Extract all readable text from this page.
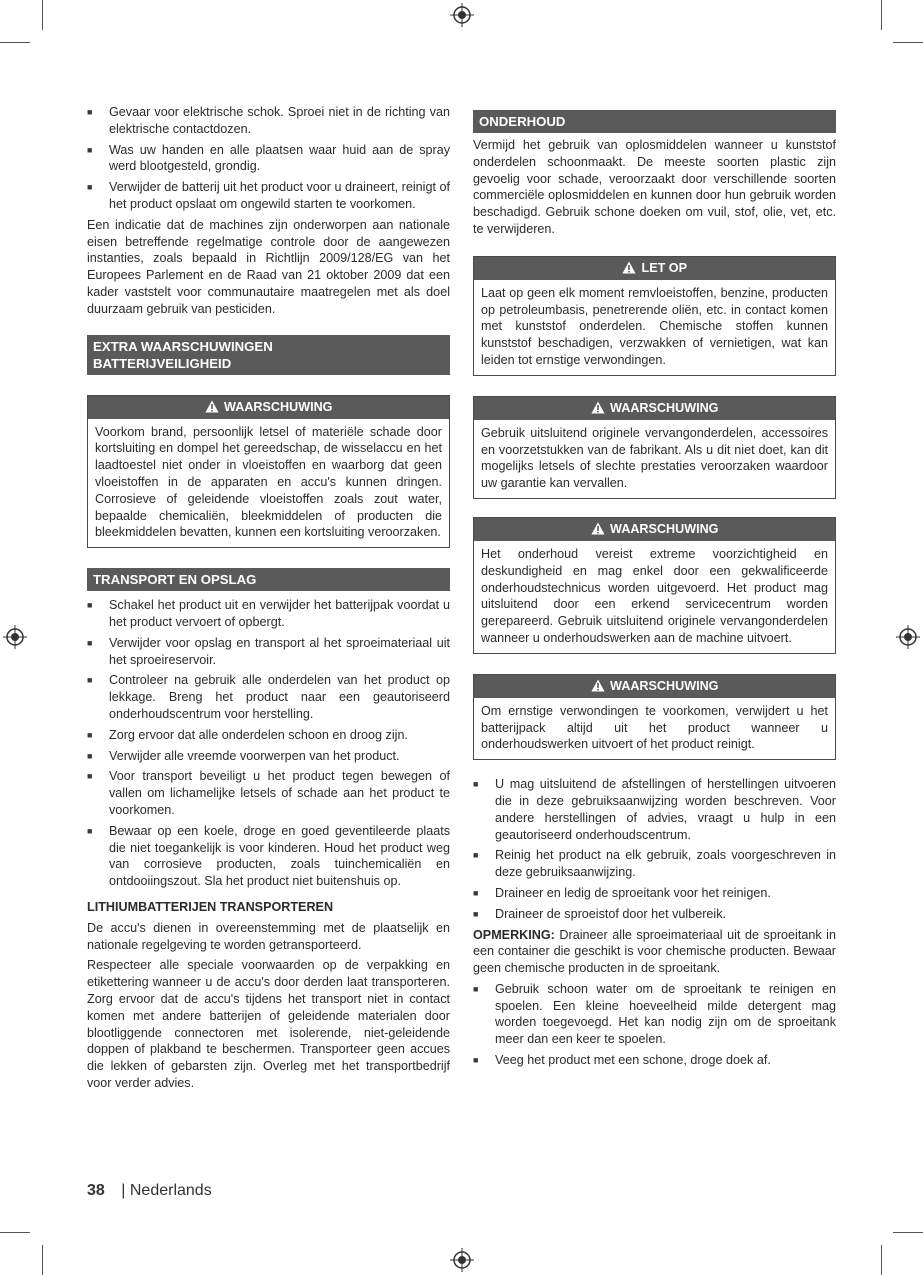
■	Gevaar voor elektrische schok. Sproei niet in de richting van elektrische contactdozen.
■	Was uw handen en alle plaatsen waar huid aan de spray werd blootgesteld, grondig.
■	Verwijder de batterij uit het product voor u draineert, reinigt of het product opslaat om ongewild starten te voorkomen.

Een indicatie dat de machines zijn onderworpen aan nationale eisen betreffende regelmatige controle door de aangewezen instanties, zoals bepaald in Richtlijn 2009/128/EG van het Europees Parlement en de Raad van 21 oktober 2009 dat een kader vaststelt voor communautaire maatregelen met als doel duurzaam gebruik van pesticiden.

EXTRA WAARSCHUWINGEN
BATTERIJVEILIGHEID
WAARSCHUWING
Voorkom brand, persoonlijk letsel of materiële schade door kortsluiting en dompel het gereedschap, de wisselaccu en het laadtoestel niet onder in vloeistoffen en waarborg dat geen vloeistoffen in de apparaten en accu's kunnen dringen. Corrosieve of geleidende vloeistoffen zoals zout water, bepaalde chemicaliën, bleekmiddelen of producten die bleekmiddelen bevatten, kunnen een kortsluiting veroorzaken.
TRANSPORT EN OPSLAG
■	Schakel het product uit en verwijder het batterijpak voordat u het product vervoert of opbergt.
■	Verwijder voor opslag en transport al het sproeimateriaal uit het sproeireservoir.
■	Controleer na gebruik alle onderdelen van het product op lekkage. Breng het product naar een geautoriseerd onderhoudscentrum voor herstelling.
■	Zorg ervoor dat alle onderdelen schoon en droog zijn.
■	Verwijder alle vreemde voorwerpen van het product.
■	Voor transport beveiligt u het product tegen bewegen of vallen om lichamelijke letsels of schade aan het product te voorkomen.
■	Bewaar op een koele, droge en goed geventileerde plaats die niet toegankelijk is voor kinderen. Houd het product weg van corrosieve producten, zoals tuinchemicaliën en ontdooiingszout. Sla het product niet buitenshuis op.
LITHIUMBATTERIJEN TRANSPORTEREN

De accu's dienen in overeenstemming met de plaatselijk en nationale regelgeving te worden getransporteerd.

Respecteer alle speciale voorwaarden op de verpakking en etikettering wanneer u de accu's door derden laat transporteren. Zorg ervoor dat de accu's tijdens het transport niet in contact komen met andere batterijen of geleidende materialen door blootliggende connectoren met isolerende, niet-geleidende doppen of plakband te beschermen. Transporteer geen accues die lekken of gebarsten zijn. Overleg met het transportbedrijf voor verder advies.

ONDERHOUD

Vermijd het gebruik van oplosmiddelen wanneer u kunststof onderdelen schoonmaakt. De meeste soorten plastic zijn gevoelig voor schade, veroorzaakt door verschillende soorten commerciële oplosmiddelen en kunnen door hun gebruik worden beschadigd. Gebruik schone doeken om vuil, stof, olie, vet, etc. te verwijderen.

LET OP
Laat op geen elk moment remvloeistoffen, benzine, producten op petroleumbasis, penetrerende oliën, etc. in contact komen met kunststof onderdelen. Chemische stoffen kunnen kunststof beschadigen, verzwakken of vernietigen, wat kan leiden tot ernstige verwondingen.
WAARSCHUWING
Gebruik uitsluitend originele vervangonderdelen, accessoires en voorzetstukken van de fabrikant. Als u dit niet doet, kan dit mogelijks letsels of slechte prestaties veroorzaken waardoor uw garantie kan vervallen.
WAARSCHUWING
Het onderhoud vereist extreme voorzichtigheid en deskundigheid en mag enkel door een gekwalificeerde onderhoudstechnicus worden uitgevoerd. Het product mag uitsluitend door een erkend servicecentrum worden gerepareerd. Gebruik uitsluitend originele vervangonderdelen wanneer u onderhoudswerken aan de machine uitvoert.
WAARSCHUWING
Om ernstige verwondingen te voorkomen, verwijdert u het batterijpack altijd uit het product wanneer u onderhoudswerken uitvoert of het product reinigt.
■	U mag uitsluitend de afstellingen of herstellingen uitvoeren die in deze gebruiksaanwijzing worden beschreven. Voor andere herstellingen of advies, vraagt u hulp in een geautoriseerd onderhoudscentrum.
■	Reinig het product na elk gebruik, zoals voorgeschreven in deze gebruiksaanwijzing.
■	Draineer en ledig de sproeitank voor het reinigen.
■	Draineer de sproeistof door het vulbereik.

OPMERKING: Draineer alle sproeimateriaal uit de sproeitank in een container die geschikt is voor chemische producten. Bewaar geen chemische producten in de sproeitank.

■	Gebruik schoon water om de sproeitank te reinigen en spoelen. Een kleine hoeveelheid milde detergent mag worden toegevoegd. Het kan nodig zijn om de sproeitank meer dan een keer te spoelen.
■	Veeg het product met een schone, droge doek af.
38 | Nederlands
